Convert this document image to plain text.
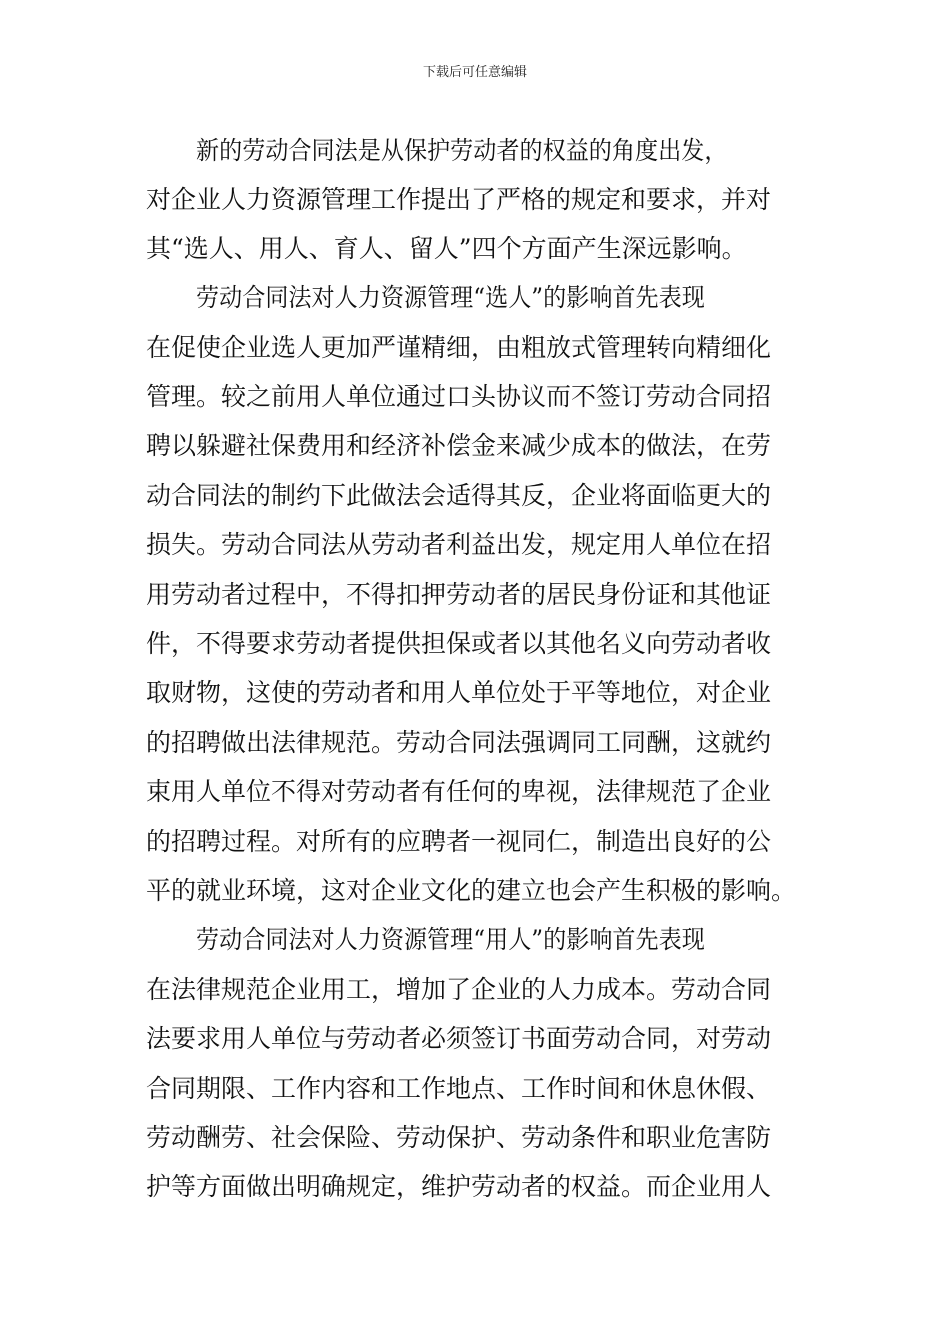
下载后可任意编辑
新的劳动合同法是从保护劳动者的权益的角度出发，
对企业人力资源管理工作提出了严格的规定和要求，并对
其“选人、用人、育人、留人”四个方面产生深远影响。
劳动合同法对人力资源管理“选人”的影响首先表现
在促使企业选人更加严谨精细，由粗放式管理转向精细化
管理。较之前用人单位通过口头协议而不签订劳动合同招
聘以躲避社保费用和经济补偿金来减少成本的做法，在劳
动合同法的制约下此做法会适得其反，企业将面临更大的
损失。劳动合同法从劳动者利益出发，规定用人单位在招
用劳动者过程中，不得扣押劳动者的居民身份证和其他证
件，不得要求劳动者提供担保或者以其他名义向劳动者收
取财物，这使的劳动者和用人单位处于平等地位，对企业
的招聘做出法律规范。劳动合同法强调同工同酬，这就约
束用人单位不得对劳动者有任何的卑视，法律规范了企业
的招聘过程。对所有的应聘者一视同仁，制造出良好的公
平的就业环境，这对企业文化的建立也会产生积极的影响。
劳动合同法对人力资源管理“用人”的影响首先表现
在法律规范企业用工，增加了企业的人力成本。劳动合同
法要求用人单位与劳动者必须签订书面劳动合同，对劳动
合同期限、工作内容和工作地点、工作时间和休息休假、
劳动酬劳、社会保险、劳动保护、劳动条件和职业危害防
护等方面做出明确规定，维护劳动者的权益。而企业用人
